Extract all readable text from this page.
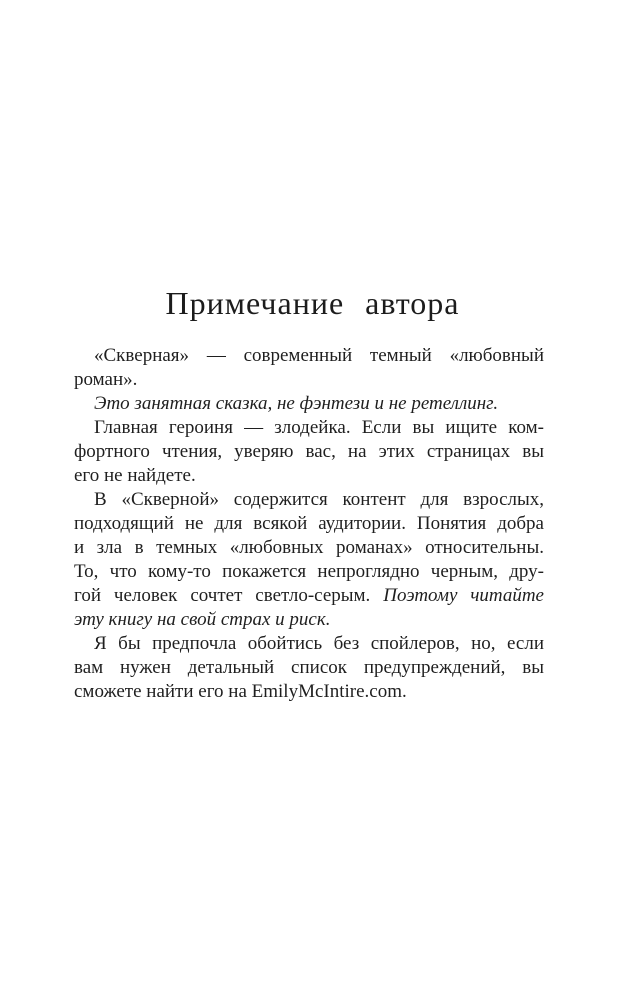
Примечание автора

«Скверная» — современный темный «любовный
роман».

Это занятная сказка, не фэнтези и не ретеллинг.

Главная героиня — злодейка. Если вы ищите ком-
фортного чтения, уверяю вас, на этих страницах вы
его не найдете.

В «Скверной» содержится контент для взрослых,
подходящий не для всякой аудитории. Понятия добра
и зла в темных «любовных романах» относительны.
То, что кому-то покажется непроглядно черным, дру-
гой человек сочтет светло-серым. Поэтому читайте
эту книгу на свой страх и риск.

Я бы предпочла обойтись без спойлеров, но, если
вам нужен детальный список предупреждений, вы
сможете найти его на EmilyMcIntire.com.
